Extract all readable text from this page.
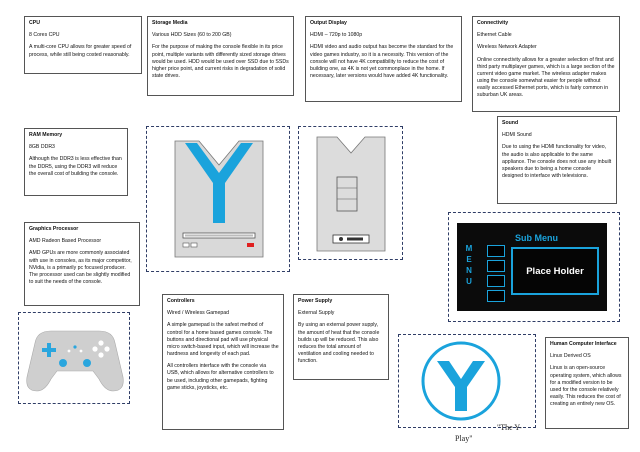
CPU
8 Cores CPU
A multi-core CPU allows for greater speed of process, while still being costed reasonably.
Storage Media
Various HDD Sizes (60 to 200 GB)
For the purpose of making the console flexible in its price point, multiple variants with differently sized storage drives would be used. HDD would be used over SSD due to SSDs higher price point, and current risks in degradation of solid state drives.
Output Display
HDMI – 720p to 1080p
HDMI video and audio output has become the standard for the video games industry, so it is a necessity. This version of the console will not have 4K compatibility to reduce the cost of building one, as 4K is not yet commonplace in the home. If necessary, later versions would have added 4K functionality.
Connectivity
Ethernet Cable
Wireless Network Adapter
Online connectivity allows for a greater selection of first and third party multiplayer games, which is a large section of the current video game market. The wireless adapter makes using the console somewhat easier for people without easily accessed Ethernet ports, which is fairly common in suburban UK areas.
RAM Memory
8GB DDR3
Although the DDR3 is less effective than the DDR5, using the DDR3 will reduce the overall cost of building the console.
Sound
HDMI Sound
Due to using the HDMI functionality for video, the audio is also applicable to the same appliance. The console does not use any inbuilt speakers due to being a home console designed to interface with televisions.
Graphics Processor
AMD Radeon Based Processor
AMD GPUs are more commonly associated with use in consoles, as its major competitor, NVidia, is a primarily pc focused producer. The processor used can be slightly modified to suit the needs of the console.
Controllers
Wired / Wireless Gamepad
A simple gamepad is the safest method of control for a home based games console. The buttons and directional pad will use physical micro switch-based input, which will increase the hardness and longevity of each pad.
All controllers interface with the console via USB, which allows for alternative controllers to be used, including other gamepads, fighting game sticks, joysticks, etc.
Power Supply
External Supply
By using an external power supply, the amount of heat that the console builds up will be reduced. This also reduces the total amount of ventilation and cooling needed to function.
Human Computer Interface
Linux Derived OS
Linux is an open-source operating system, which allows for a modified version to be used for the console relatively easily. This reduces the cost of creating an entirely new OS.
Sub Menu
M
E
N
U
Place Holder
"The Y-
Play"
